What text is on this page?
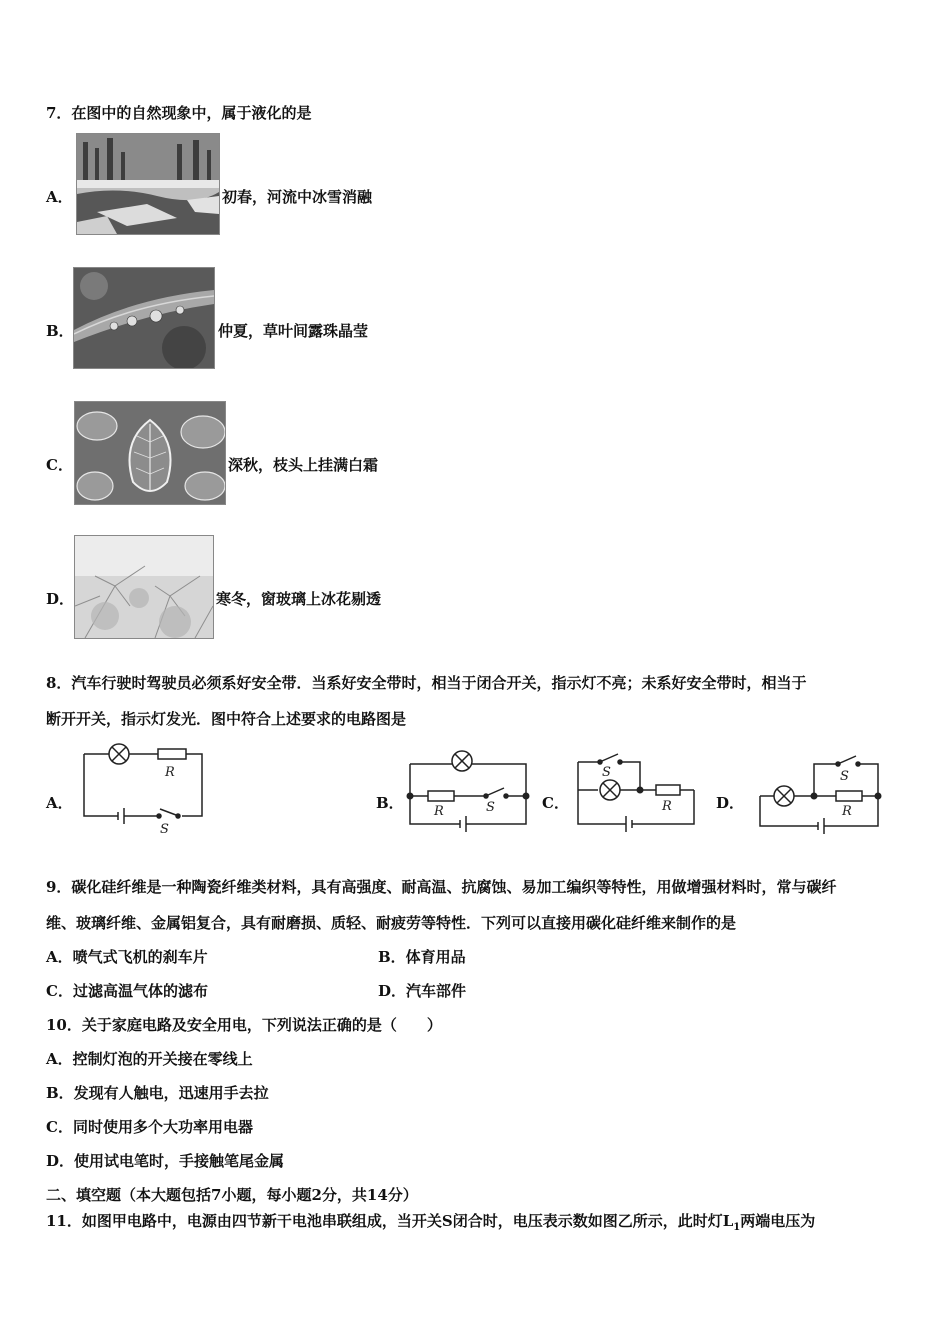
7．在图中的自然现象中，属于液化的是
A．	初春，河流中冰雪消融
B．	仲夏，草叶间露珠晶莹
C．	深秋，枝头上挂满白霜
D．	寒冬，窗玻璃上冰花剔透
8．汽车行驶时驾驶员必须系好安全带．当系好安全带时，相当于闭合开关，指示灯不亮；未系好安全带时，相当于
断开开关，指示灯发光．图中符合上述要求的电路图是
A．
R
S
B． R	S	C．
S
R	D．
S
R
9．碳化硅纤维是一种陶瓷纤维类材料，具有高强度、耐高温、抗腐蚀、易加工编织等特性，用做增强材料时，常与碳纤
维、玻璃纤维、金属铝复合，具有耐磨损、质轻、耐疲劳等特性．下列可以直接用碳化硅纤维来制作的是
A．喷气式飞机的刹车片	B．体育用品
C．过滤高温气体的滤布	D．汽车部件
10．关于家庭电路及安全用电，下列说法正确的是（　　）
A．控制灯泡的开关接在零线上
B．发现有人触电，迅速用手去拉
C．同时使用多个大功率用电器
D．使用试电笔时，手接触笔尾金属
二、填空题（本大题包括7小题，每小题2分，共14分）
11．如图甲电路中，电源由四节新干电池串联组成，当开关S闭合时，电压表示数如图乙所示，此时灯$L_1$两端电压为
